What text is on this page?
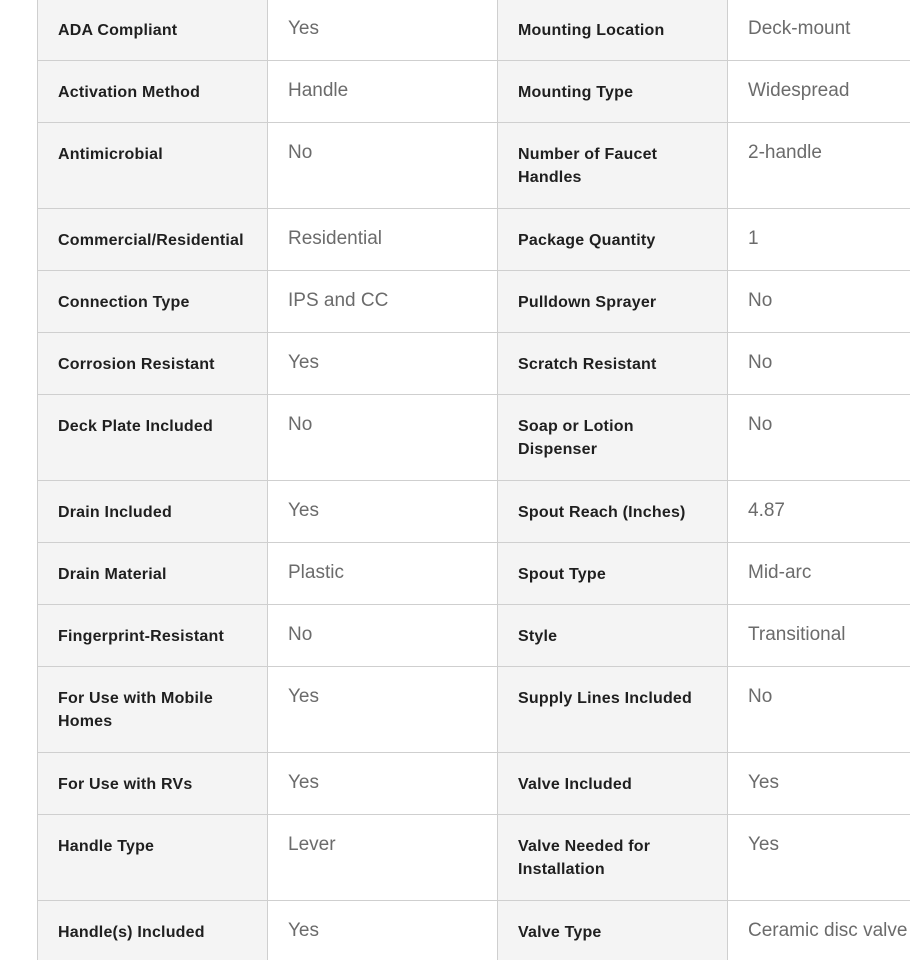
ADA Compliant	Yes	Mounting Location	Deck-mount
Activation Method	Handle	Mounting Type	Widespread
Antimicrobial	No	Number of Faucet Handles	2-handle
Commercial/Residential	Residential	Package Quantity	1
Connection Type	IPS and CC	Pulldown Sprayer	No
Corrosion Resistant	Yes	Scratch Resistant	No
Deck Plate Included	No	Soap or Lotion Dispenser	No
Drain Included	Yes	Spout Reach (Inches)	4.87
Drain Material	Plastic	Spout Type	Mid-arc
Fingerprint-Resistant	No	Style	Transitional
For Use with Mobile Homes	Yes	Supply Lines Included	No
For Use with RVs	Yes	Valve Included	Yes
Handle Type	Lever	Valve Needed for Installation	Yes
Handle(s) Included	Yes	Valve Type	Ceramic disc valve
